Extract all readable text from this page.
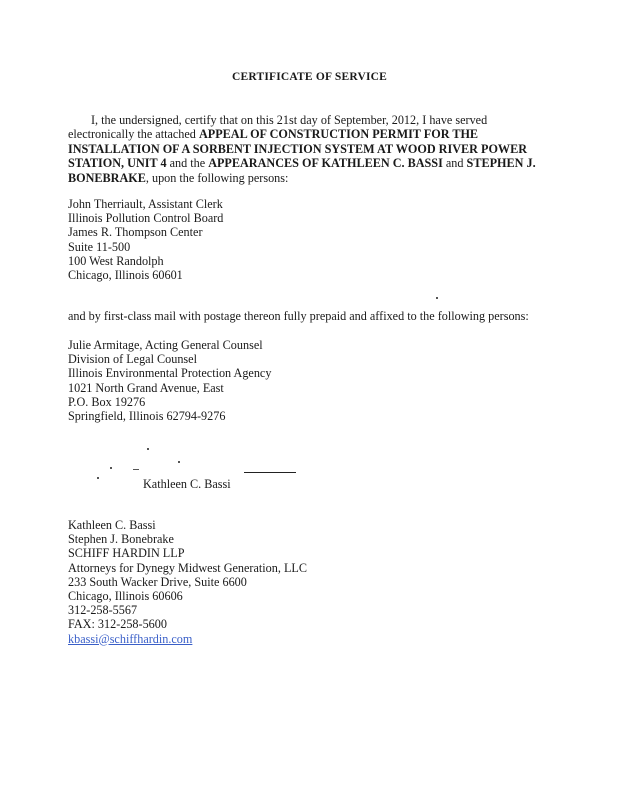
CERTIFICATE OF SERVICE
I, the undersigned, certify that on this 21st day of September, 2012, I have served electronically the attached APPEAL OF CONSTRUCTION PERMIT FOR THE INSTALLATION OF A SORBENT INJECTION SYSTEM AT WOOD RIVER POWER STATION, UNIT 4 and the APPEARANCES OF KATHLEEN C. BASSI and STEPHEN J. BONEBRAKE, upon the following persons:
John Therriault, Assistant Clerk
Illinois Pollution Control Board
James R. Thompson Center
Suite 11-500
100 West Randolph
Chicago, Illinois 60601
and by first-class mail with postage thereon fully prepaid and affixed to the following persons:
Julie Armitage, Acting General Counsel
Division of Legal Counsel
Illinois Environmental Protection Agency
1021 North Grand Avenue, East
P.O. Box 19276
Springfield, Illinois 62794-9276
Kathleen C. Bassi
Kathleen C. Bassi
Stephen J. Bonebrake
SCHIFF HARDIN LLP
Attorneys for Dynegy Midwest Generation, LLC
233 South Wacker Drive, Suite 6600
Chicago, Illinois 60606
312-258-5567
FAX: 312-258-5600
kbassi@schiffhardin.com
